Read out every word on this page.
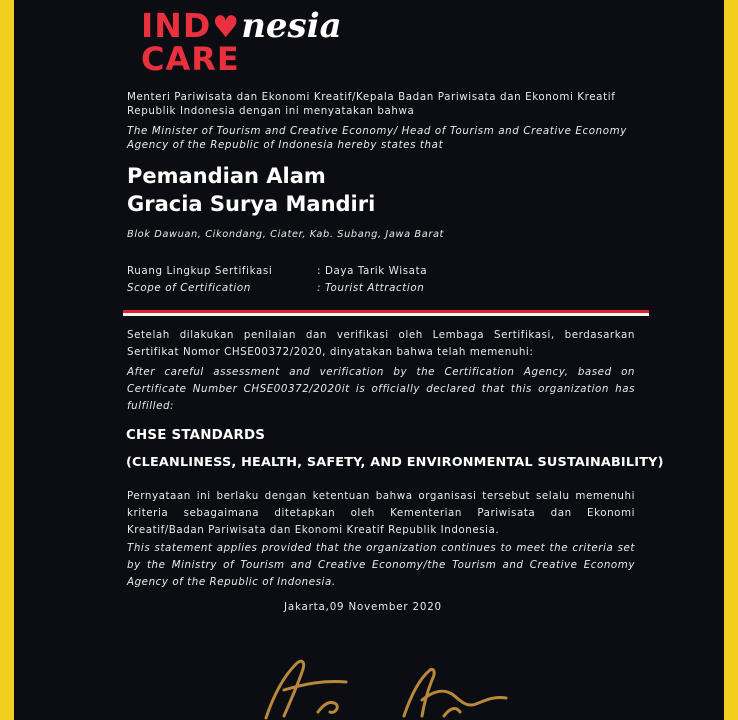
IND♥nesia
CARE
Menteri Pariwisata dan Ekonomi Kreatif/Kepala Badan Pariwisata dan Ekonomi Kreatif
Republik Indonesia dengan ini menyatakan bahwa
The Minister of Tourism and Creative Economy/ Head of Tourism and Creative Economy
Agency of the Republic of Indonesia hereby states that
Pemandian Alam
Gracia Surya Mandiri
Blok Dawuan, Cikondang, Ciater, Kab. Subang, Jawa Barat
Ruang Lingkup Sertifikasi	: Daya Tarik Wisata
Scope of Certification	: Tourist Attraction
Setelah dilakukan penilaian dan verifikasi oleh Lembaga Sertifikasi, berdasarkan Sertifikat Nomor CHSE00372/2020, dinyatakan bahwa telah memenuhi:
After careful assessment and verification by the Certification Agency, based on Certificate Number CHSE00372/2020it is officially declared that this organization has fulfilled:
CHSE STANDARDS
(CLEANLINESS, HEALTH, SAFETY, AND ENVIRONMENTAL SUSTAINABILITY)
Pernyataan ini berlaku dengan ketentuan bahwa organisasi tersebut selalu memenuhi kriteria sebagaimana ditetapkan oleh Kementerian Pariwisata dan Ekonomi Kreatif/Badan Pariwisata dan Ekonomi Kreatif Republik Indonesia.
This statement applies provided that the organization continues to meet the criteria set by the Ministry of Tourism and Creative Economy/the Tourism and Creative Economy Agency of the Republic of Indonesia.
Jakarta,09 November 2020
